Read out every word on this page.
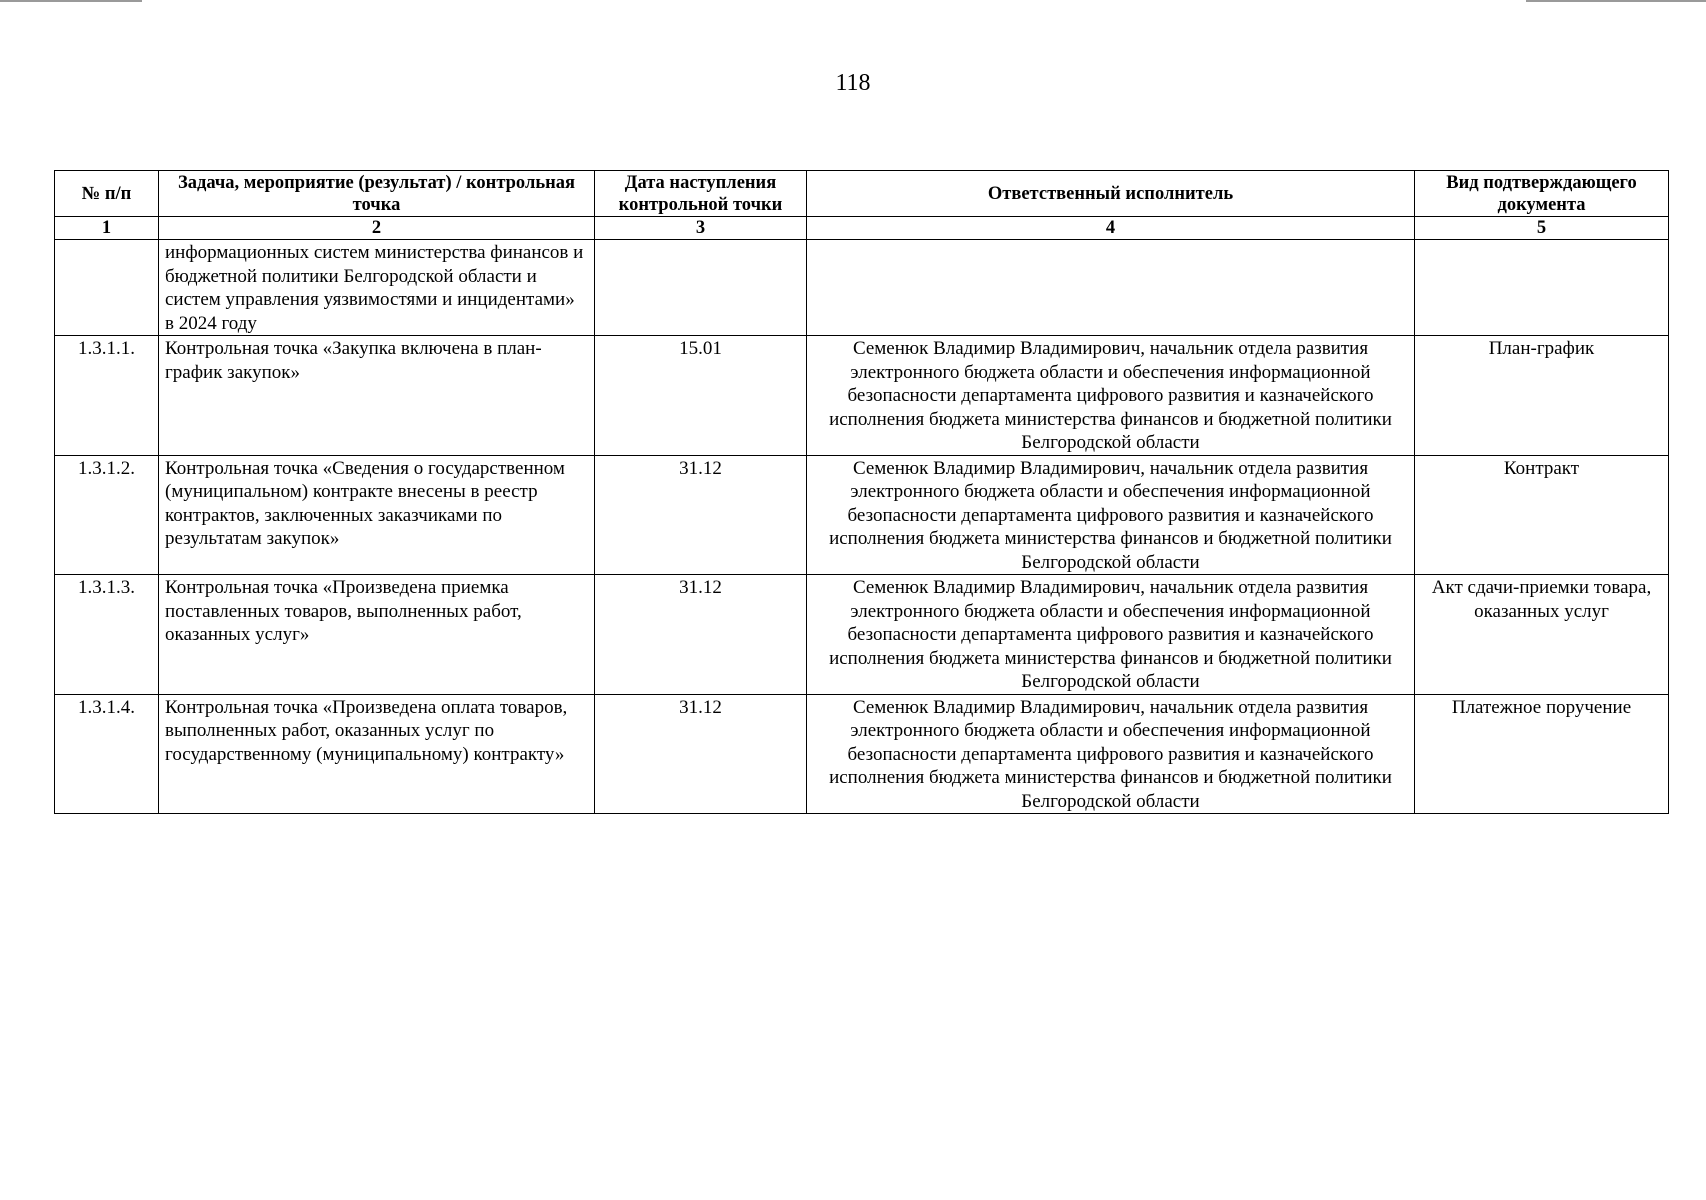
118
№ п/п	Задача, мероприятие (результат) / контрольная точка	Дата наступления контрольной точки	Ответственный исполнитель	Вид подтверждающего документа
1	2	3	4	5
	информационных систем министерства финансов и бюджетной политики Белгородской области и систем управления уязвимостями и инцидентами» в 2024 году			
1.3.1.1.	Контрольная точка «Закупка включена в план-график закупок»	15.01	Семенюк Владимир Владимирович, начальник отдела развития электронного бюджета области и обеспечения информационной безопасности департамента цифрового развития и казначейского исполнения бюджета министерства финансов и бюджетной политики Белгородской области	План-график
1.3.1.2.	Контрольная точка «Сведения о государственном (муниципальном) контракте внесены в реестр контрактов, заключенных заказчиками по результатам закупок»	31.12	Семенюк Владимир Владимирович, начальник отдела развития электронного бюджета области и обеспечения информационной безопасности департамента цифрового развития и казначейского исполнения бюджета министерства финансов и бюджетной политики Белгородской области	Контракт
1.3.1.3.	Контрольная точка «Произведена приемка поставленных товаров, выполненных работ, оказанных услуг»	31.12	Семенюк Владимир Владимирович, начальник отдела развития электронного бюджета области и обеспечения информационной безопасности департамента цифрового развития и казначейского исполнения бюджета министерства финансов и бюджетной политики Белгородской области	Акт сдачи-приемки товара, оказанных услуг
1.3.1.4.	Контрольная точка «Произведена оплата товаров, выполненных работ, оказанных услуг по государственному (муниципальному) контракту»	31.12	Семенюк Владимир Владимирович, начальник отдела развития электронного бюджета области и обеспечения информационной безопасности департамента цифрового развития и казначейского исполнения бюджета министерства финансов и бюджетной политики Белгородской области	Платежное поручение
